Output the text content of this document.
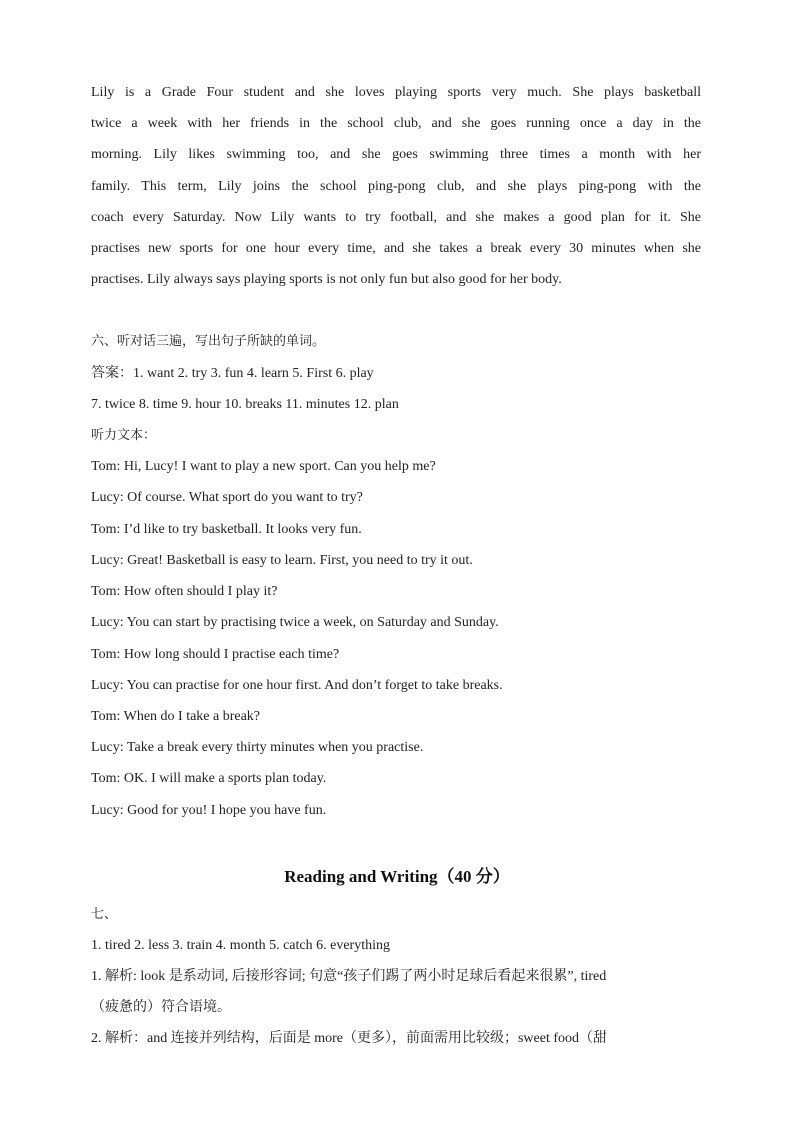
Lily is a Grade Four student and she loves playing sports very much. She plays basketball
twice a week with her friends in the school club, and she goes running once a day in the
morning. Lily likes swimming too, and she goes swimming three times a month with her
family. This term, Lily joins the school ping-pong club, and she plays ping-pong with the
coach every Saturday. Now Lily wants to try football, and she makes a good plan for it. She
practises new sports for one hour every time, and she takes a break every 30 minutes when she
practises. Lily always says playing sports is not only fun but also good for her body.
六、听对话三遍，写出句子所缺的单词。
答案：1. want 2. try 3. fun 4. learn 5. First 6. play
7. twice 8. time 9. hour 10. breaks 11. minutes 12. plan
听力文本：
Tom: Hi, Lucy! I want to play a new sport. Can you help me?
Lucy: Of course. What sport do you want to try?
Tom: I’d like to try basketball. It looks very fun.
Lucy: Great! Basketball is easy to learn. First, you need to try it out.
Tom: How often should I play it?
Lucy: You can start by practising twice a week, on Saturday and Sunday.
Tom: How long should I practise each time?
Lucy: You can practise for one hour first. And don’t forget to take breaks.
Tom: When do I take a break?
Lucy: Take a break every thirty minutes when you practise.
Tom: OK. I will make a sports plan today.
Lucy: Good for you! I hope you have fun.
Reading and Writing（40 分）
七、
1. tired 2. less 3. train 4. month 5. catch 6. everything
1. 解析: look 是系动词, 后接形容词; 句意“孩子们踢了两小时足球后看起来很累”, tired
（疲惫的）符合语境。
2. 解析：and 连接并列结构，后面是 more（更多），前面需用比较级；sweet food（甜
